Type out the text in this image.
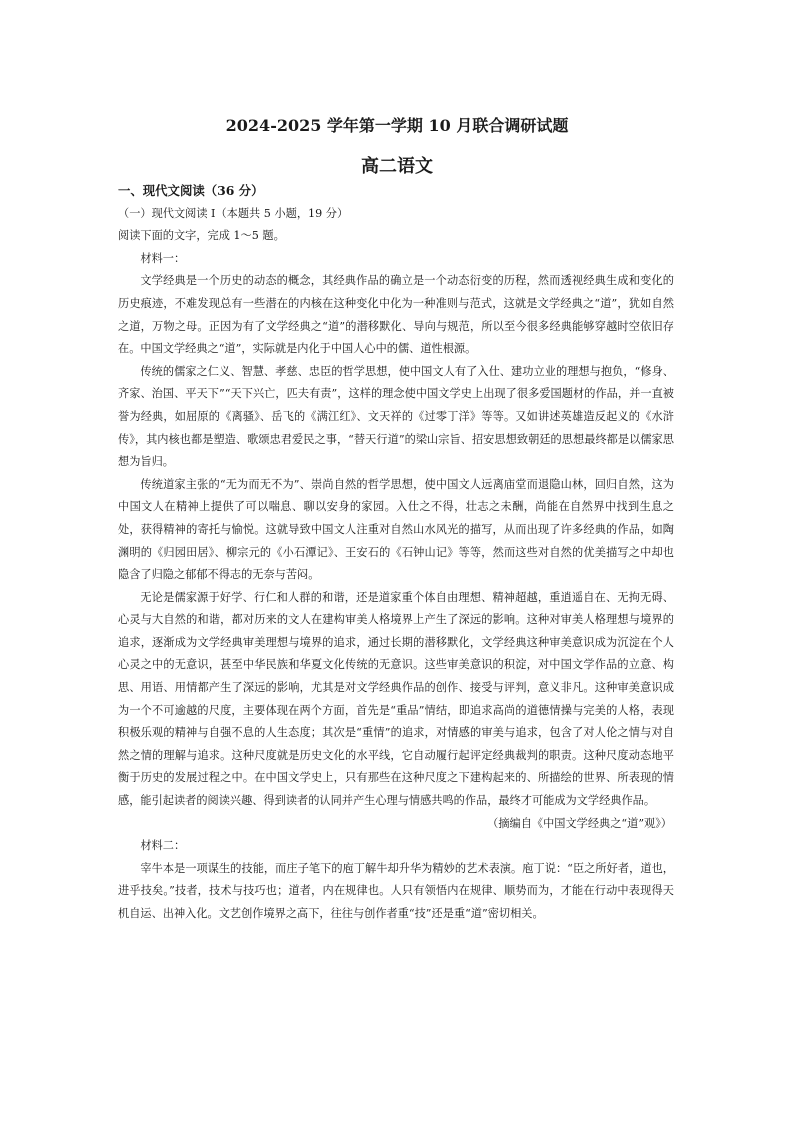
2024-2025 学年第一学期 10 月联合调研试题
高二语文

一、现代文阅读（36 分）

（一）现代文阅读 I（本题共 5 小题，19 分）

阅读下面的文字，完成 1～5 题。

材料一：

文学经典是一个历史的动态的概念，其经典作品的确立是一个动态衍变的历程，然而透视经典生成和变化的历史痕迹，不难发现总有一些潜在的内核在这种变化中化为一种准则与范式，这就是文学经典之“道”，犹如自然之道，万物之母。正因为有了文学经典之“道”的潜移默化、导向与规范，所以至今很多经典能够穿越时空依旧存在。中国文学经典之“道”，实际就是内化于中国人心中的儒、道性根源。

传统的儒家之仁义、智慧、孝慈、忠臣的哲学思想，使中国文人有了入仕、建功立业的理想与抱负，“修身、齐家、治国、平天下”“天下兴亡，匹夫有责”，这样的理念使中国文学史上出现了很多爱国题材的作品，并一直被誉为经典，如屈原的《离骚》、岳飞的《满江红》、文天祥的《过零丁洋》等等。又如讲述英雄造反起义的《水浒传》，其内核也都是塑造、歌颂忠君爱民之事，“替天行道”的梁山宗旨、招安思想致朝廷的思想最终都是以儒家思想为旨归。

传统道家主张的“无为而无不为”、崇尚自然的哲学思想，使中国文人远离庙堂而退隐山林，回归自然，这为中国文人在精神上提供了可以喘息、聊以安身的家园。入仕之不得，壮志之未酬，尚能在自然界中找到生息之处，获得精神的寄托与愉悦。这就导致中国文人注重对自然山水风光的描写，从而出现了许多经典的作品，如陶渊明的《归园田居》、柳宗元的《小石潭记》、王安石的《石钟山记》等等，然而这些对自然的优美描写之中却也隐含了归隐之郁郁不得志的无奈与苦闷。

无论是儒家源于好学、行仁和人群的和谐，还是道家重个体自由理想、精神超越，重逍遥自在、无拘无碍、心灵与大自然的和谐，都对历来的文人在建构审美人格境界上产生了深远的影响。这种对审美人格理想与境界的追求，逐渐成为文学经典审美理想与境界的追求，通过长期的潜移默化，文学经典这种审美意识成为沉淀在个人心灵之中的无意识，甚至中华民族和华夏文化传统的无意识。这些审美意识的积淀，对中国文学作品的立意、构思、用语、用情都产生了深远的影响，尤其是对文学经典作品的创作、接受与评判，意义非凡。这种审美意识成为一个不可逾越的尺度，主要体现在两个方面，首先是“重品”情结，即追求高尚的道德情操与完美的人格，表现积极乐观的精神与自强不息的人生态度；其次是“重情”的追求，对情感的审美与追求，包含了对人伦之情与对自然之情的理解与追求。这种尺度就是历史文化的水平线，它自动履行起评定经典裁判的职责。这种尺度动态地平衡于历史的发展过程之中。在中国文学史上，只有那些在这种尺度之下建构起来的、所描绘的世界、所表现的情感，能引起读者的阅读兴趣、得到读者的认同并产生心理与情感共鸣的作品，最终才可能成为文学经典作品。

（摘编自《中国文学经典之“道”观》）

材料二：

宰牛本是一项谋生的技能，而庄子笔下的庖丁解牛却升华为精妙的艺术表演。庖丁说：“臣之所好者，道也，进乎技矣。”技者，技术与技巧也；道者，内在规律也。人只有领悟内在规律、顺势而为，才能在行动中表现得天机自运、出神入化。文艺创作境界之高下，往往与创作者重“技”还是重“道”密切相关。
